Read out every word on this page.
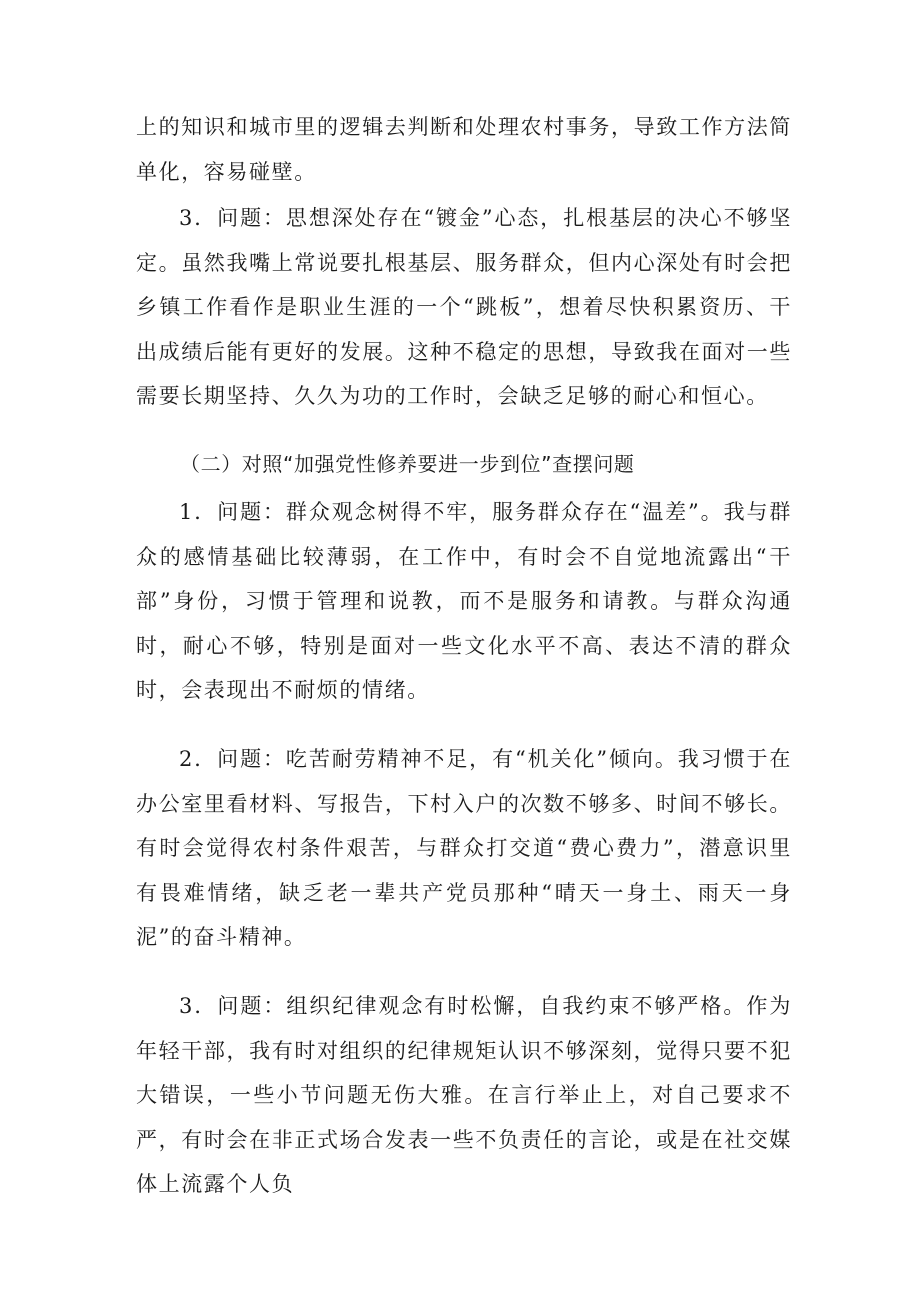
上的知识和城市里的逻辑去判断和处理农村事务，导致工作方法简单化，容易碰壁。

3．问题：思想深处存在“镀金”心态，扎根基层的决心不够坚定。虽然我嘴上常说要扎根基层、服务群众，但内心深处有时会把乡镇工作看作是职业生涯的一个“跳板”，想着尽快积累资历、干出成绩后能有更好的发展。这种不稳定的思想，导致我在面对一些需要长期坚持、久久为功的工作时，会缺乏足够的耐心和恒心。

（二）对照“加强党性修养要进一步到位”查摆问题

1．问题：群众观念树得不牢，服务群众存在“温差”。我与群众的感情基础比较薄弱，在工作中，有时会不自觉地流露出“干部”身份，习惯于管理和说教，而不是服务和请教。与群众沟通时，耐心不够，特别是面对一些文化水平不高、表达不清的群众时，会表现出不耐烦的情绪。

2．问题：吃苦耐劳精神不足，有“机关化”倾向。我习惯于在办公室里看材料、写报告，下村入户的次数不够多、时间不够长。有时会觉得农村条件艰苦，与群众打交道“费心费力”，潜意识里有畏难情绪，缺乏老一辈共产党员那种“晴天一身土、雨天一身泥”的奋斗精神。

3．问题：组织纪律观念有时松懈，自我约束不够严格。作为年轻干部，我有时对组织的纪律规矩认识不够深刻，觉得只要不犯大错误，一些小节问题无伤大雅。在言行举止上，对自己要求不严，有时会在非正式场合发表一些不负责任的言论，或是在社交媒体上流露个人负
